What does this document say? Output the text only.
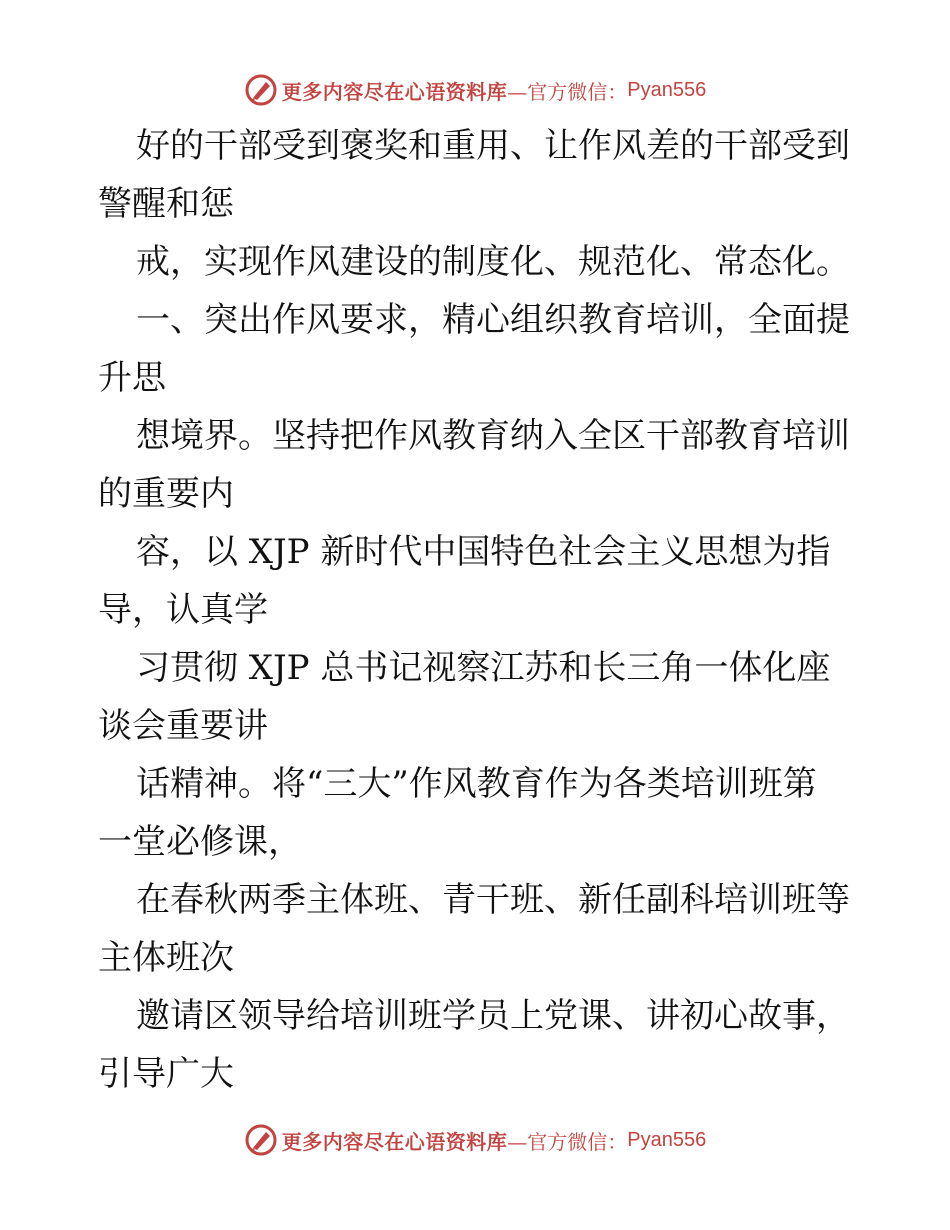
更多内容尽在心语资料库 —官方微信： Pyan556
好的干部受到褒奖和重用、让作风差的干部受到
警醒和惩
戒，实现作风建设的制度化、规范化、常态化。
一、突出作风要求，精心组织教育培训，全面提
升思
想境界。坚持把作风教育纳入全区干部教育培训
的重要内
容，以 XJP 新时代中国特色社会主义思想为指
导，认真学
习贯彻 XJP 总书记视察江苏和长三角一体化座
谈会重要讲
话精神。将“三大”作风教育作为各类培训班第
一堂必修课，
在春秋两季主体班、青干班、新任副科培训班等
主体班次
邀请区领导给培训班学员上党课、讲初心故事，
引导广大
更多内容尽在心语资料库 —官方微信： Pyan556
